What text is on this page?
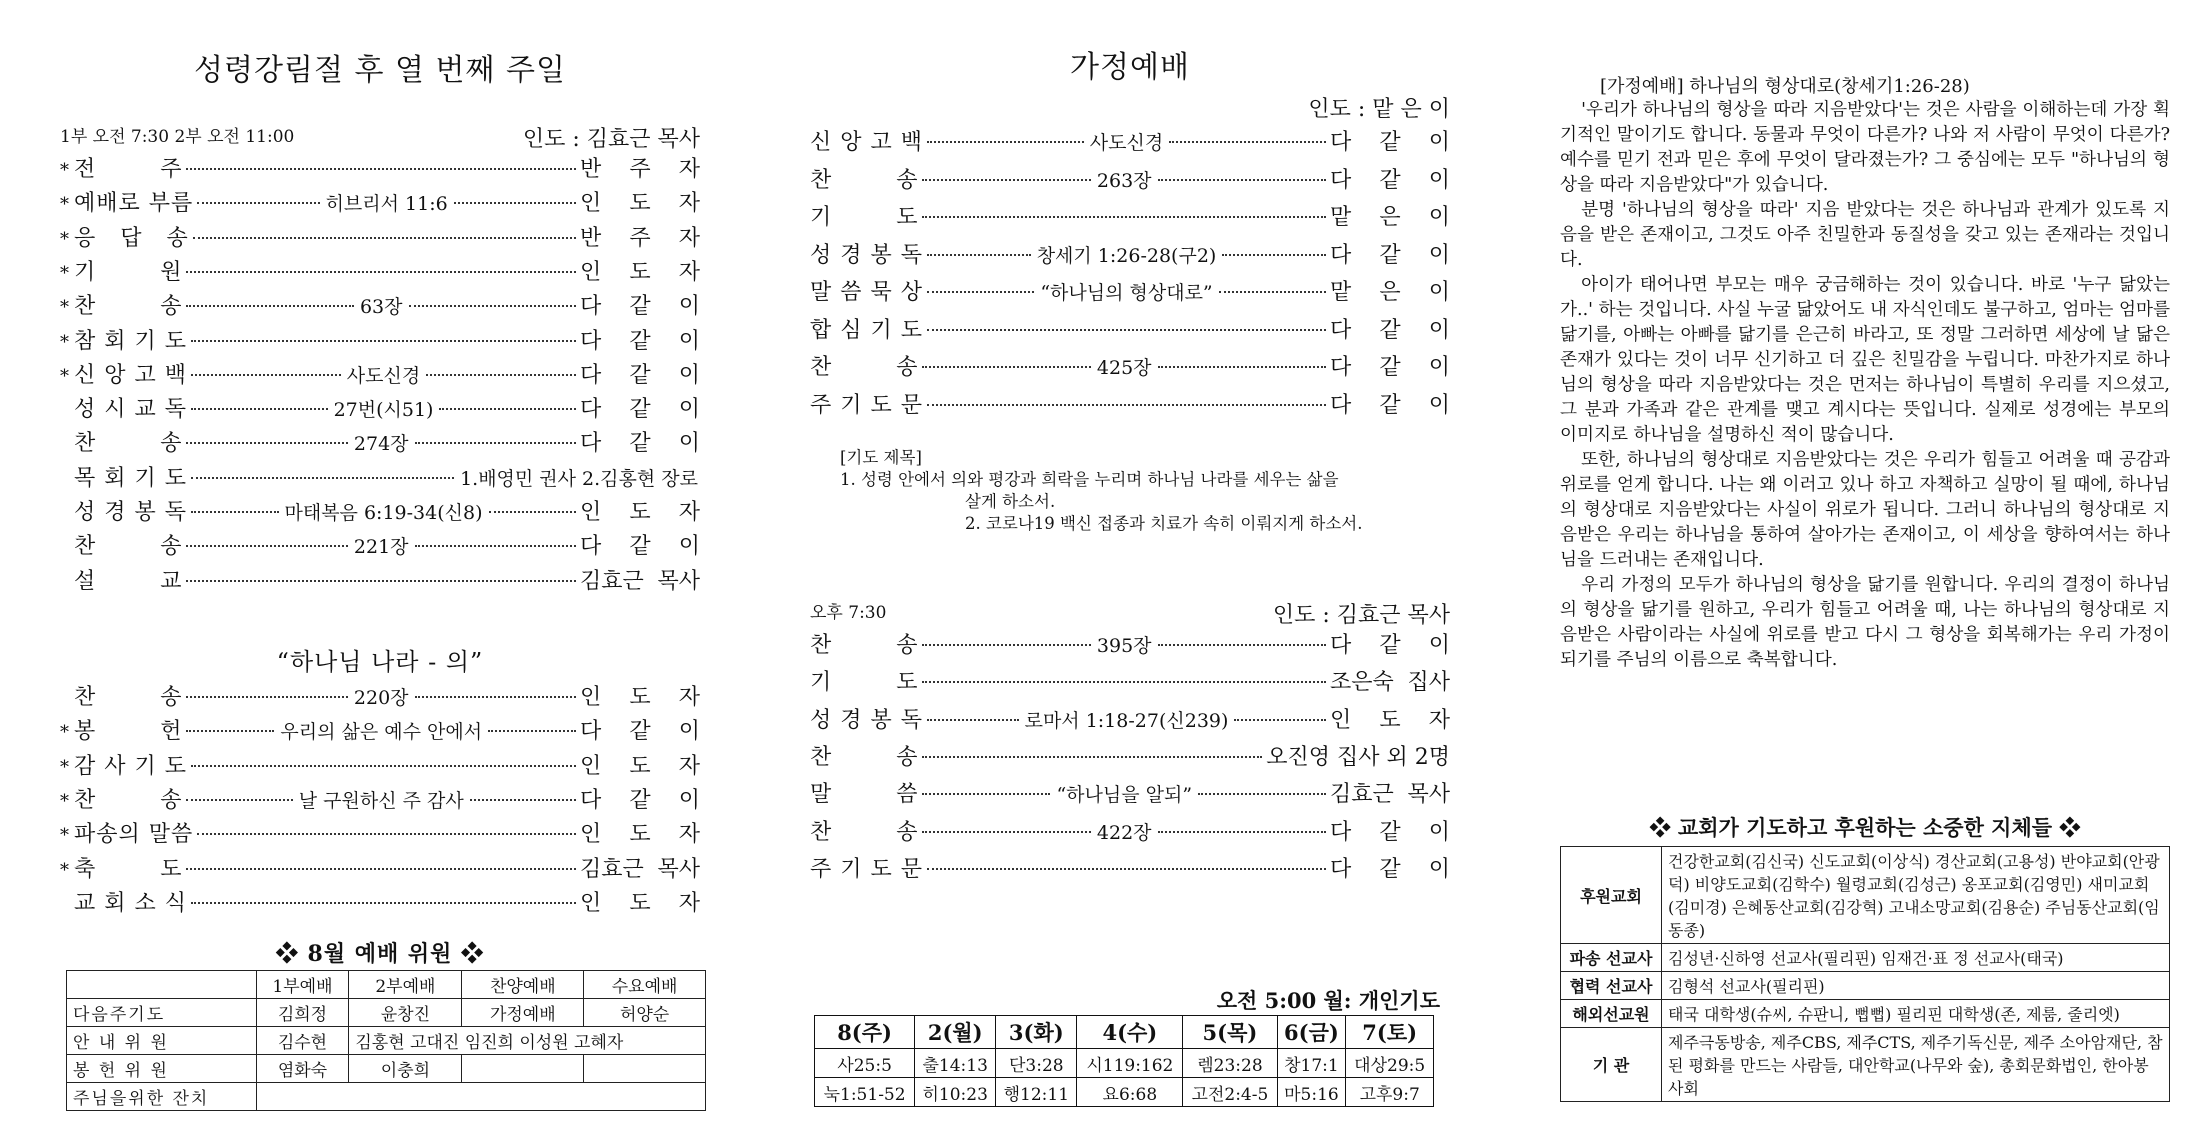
성령강림절 후 열 번째 주일
1부 오전 7:30 2부 오전 11:00	인도 : 김효근 목사
* 전        주	반 주 자
* 예배로 부름	히브리서 11:6	인 도 자
* 응   답   송	반 주 자
* 기        원	인 도 자
* 찬        송	63장	다 같 이
* 참 회 기 도	다 같 이
* 신 앙 고 백	사도신경	다 같 이
성 시 교 독	27번(시51)	다 같 이
찬        송	274장	다 같 이
목 회 기 도	1.배영민 권사 2.김홍현 장로
성 경 봉 독	마태복음 6:19-34(신8)	인 도 자
찬        송	221장	다 같 이
설        교	김효근 목사
“하나님 나라 - 의”
찬        송	220장	인 도 자
* 봉        헌	우리의 삶은 예수 안에서	다 같 이
* 감 사 기 도	인 도 자
* 찬        송	날 구원하신 주 감사	다 같 이
* 파송의 말씀	인 도 자
* 축        도	김효근 목사
교 회 소 식	인 도 자
❖ 8월 예배 위원 ❖
	1부예배	2부예배	찬양예배	수요예배
다음주기도	김희정	윤창진	가정예배	허양순
안 내 위 원	김수현	김홍현 고대진 임진희 이성원 고혜자		
봉 헌 위 원	염화숙	이충희		
주님을위한 잔치				
가정예배
인도 : 맡 은 이
신 앙 고 백	사도신경	다 같 이
찬        송	263장	다 같 이
기        도	맡 은 이
성 경 봉 독	창세기 1:26-28(구2)	다 같 이
말 씀 묵 상	“하나님의 형상대로”	맡 은 이
합 심 기 도	다 같 이
찬        송	425장	다 같 이
주 기 도 문	다 같 이
[기도 제목]
1. 성령 안에서 의와 평강과 희락을 누리며 하나님 나라를 세우는 삶을
살게 하소서.
2. 코로나19 백신 접종과 치료가 속히 이뤄지게 하소서.
오후 7:30	인도 : 김효근 목사
찬        송	395장	다 같 이
기        도	조은숙 집사
성 경 봉 독	로마서 1:18-27(신239)	인 도 자
찬        송	오진영 집사 외 2명
말        씀	“하나님을 알되”	김효근 목사
찬        송	422장	다 같 이
주 기 도 문	다 같 이
오전 5:00 월: 개인기도
8(주)	2(월)	3(화)	4(수)	5(목)	6(금)	7(토)
사25:5	출14:13	단3:28	시119:162	렘23:28	창17:1	대상29:5
눅1:51-52	히10:23	행12:11	요6:68	고전2:4-5	마5:16	고후9:7
[가정예배] 하나님의 형상대로(창세기1:26-28)
'우리가 하나님의 형상을 따라 지음받았다'는 것은 사람을 이해하는데 가장 획기적인 말이기도 합니다. 동물과 무엇이 다른가? 나와 저 사람이 무엇이 다른가? 예수를 믿기 전과 믿은 후에 무엇이 달라졌는가? 그 중심에는 모두 "하나님의 형상을 따라 지음받았다"가 있습니다.
분명 '하나님의 형상을 따라' 지음 받았다는 것은 하나님과 관계가 있도록 지음을 받은 존재이고, 그것도 아주 친밀한과 동질성을 갖고 있는 존재라는 것입니다.
아이가 태어나면 부모는 매우 궁금해하는 것이 있습니다. 바로 '누구 닮았는가..' 하는 것입니다. 사실 누굴 닮았어도 내 자식인데도 불구하고, 엄마는 엄마를 닮기를, 아빠는 아빠를 닮기를 은근히 바라고, 또 정말 그러하면 세상에 날 닮은 존재가 있다는 것이 너무 신기하고 더 깊은 친밀감을 누립니다. 마찬가지로 하나님의 형상을 따라 지음받았다는 것은 먼저는 하나님이 특별히 우리를 지으셨고, 그 분과 가족과 같은 관계를 맺고 계시다는 뜻입니다. 실제로 성경에는 부모의 이미지로 하나님을 설명하신 적이 많습니다.
또한, 하나님의 형상대로 지음받았다는 것은 우리가 힘들고 어려울 때 공감과 위로를 얻게 합니다. 나는 왜 이러고 있나 하고 자책하고 실망이 될 때에, 하나님의 형상대로 지음받았다는 사실이 위로가 됩니다. 그러니 하나님의 형상대로 지음받은 우리는 하나님을 통하여 살아가는 존재이고, 이 세상을 향하여서는 하나님을 드러내는 존재입니다.
우리 가정의 모두가 하나님의 형상을 닮기를 원합니다. 우리의 결정이 하나님의 형상을 닮기를 원하고, 우리가 힘들고 어려울 때, 나는 하나님의 형상대로 지음받은 사람이라는 사실에 위로를 받고 다시 그 형상을 회복해가는 우리 가정이 되기를 주님의 이름으로 축복합니다.
❖ 교회가 기도하고 후원하는 소중한 지체들 ❖
후원교회	건강한교회(김신국) 신도교회(이상식) 경산교회(고용성) 반야교회(안광덕) 비양도교회(김학수) 월령교회(김성근) 옹포교회(김영민) 새미교회(김미경) 은혜동산교회(김강혁) 고내소망교회(김용순) 주님동산교회(임동종)
파송 선교사	김성년·신하영 선교사(필리핀) 임재건·표 정 선교사(태국)
협력 선교사	김형석 선교사(필리핀)
해외선교원	태국 대학생(슈씨, 슈판니, 뻡뻡) 필리핀 대학생(존, 제룸, 줄리엣)
기 관	제주극동방송, 제주CBS, 제주CTS, 제주기독신문, 제주 소아암재단, 참된 평화를 만드는 사람들, 대안학교(나무와 숲), 총회문화법인, 한아봉사회
